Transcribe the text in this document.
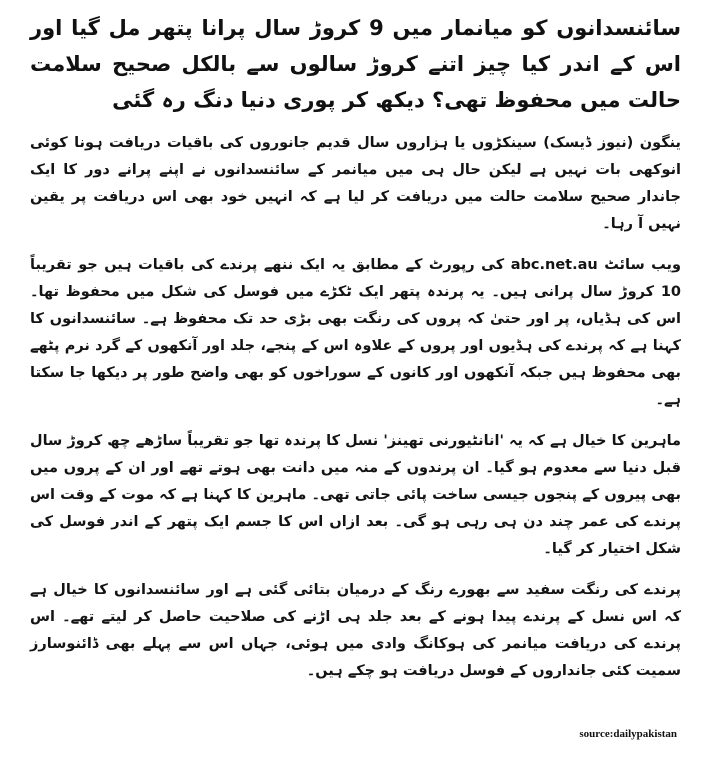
سائنسدانوں کو میانمار میں 9 کروڑ سال پرانا پتھر مل گیا اور اس کے اندر کیا چیز اتنے کروڑ سالوں سے بالکل صحیح سلامت حالت میں محفوظ تھی؟ دیکھ کر پوری دنیا دنگ رہ گئی

ینگون (نیوز ڈیسک) سینکڑوں یا ہزاروں سال قدیم جانوروں کی باقیات دریافت ہونا کوئی انوکھی بات نہیں ہے لیکن حال ہی میں میانمر کے سائنسدانوں نے اپنے پرانے دور کا ایک جاندار صحیح سلامت حالت میں دریافت کر لیا ہے کہ انہیں خود بھی اس دریافت پر یقین نہیں آ رہا۔

ویب سائٹ abc.net.au کی رپورٹ کے مطابق یہ ایک ننھے پرندے کی باقیات ہیں جو تقریباً 10 کروڑ سال پرانی ہیں۔ یہ پرندہ پتھر ایک ٹکڑے میں فوسل کی شکل میں محفوظ تھا۔ اس کی ہڈیاں، پر اور حتیٰ کہ پروں کی رنگت بھی بڑی حد تک محفوظ ہے۔ سائنسدانوں کا کہنا ہے کہ پرندے کی ہڈیوں اور پروں کے علاوہ اس کے پنجے، جلد اور آنکھوں کے گرد نرم پٹھے بھی محفوظ ہیں جبکہ آنکھوں اور کانوں کے سوراخوں کو بھی واضح طور پر دیکھا جا سکتا ہے۔

ماہرین کا خیال ہے کہ یہ 'انانٹیورنی تھینز' نسل کا پرندہ تھا جو تقریباً ساڑھے چھ کروڑ سال قبل دنیا سے معدوم ہو گیا۔ ان پرندوں کے منہ میں دانت بھی ہوتے تھے اور ان کے پروں میں بھی پیروں کے پنجوں جیسی ساخت پائی جاتی تھی۔ ماہرین کا کہنا ہے کہ موت کے وقت اس پرندے کی عمر چند دن ہی رہی ہو گی۔ بعد ازاں اس کا جسم ایک پتھر کے اندر فوسل کی شکل اختیار کر گیا۔

پرندے کی رنگت سفید سے بھورے رنگ کے درمیان بتائی گئی ہے اور سائنسدانوں کا خیال ہے کہ اس نسل کے پرندے پیدا ہونے کے بعد جلد ہی اڑنے کی صلاحیت حاصل کر لیتے تھے۔ اس پرندے کی دریافت میانمر کی ہوکانگ وادی میں ہوئی، جہاں اس سے پہلے بھی ڈائنوسارز سمیت کئی جانداروں کے فوسل دریافت ہو چکے ہیں۔

source:dailypakistan
